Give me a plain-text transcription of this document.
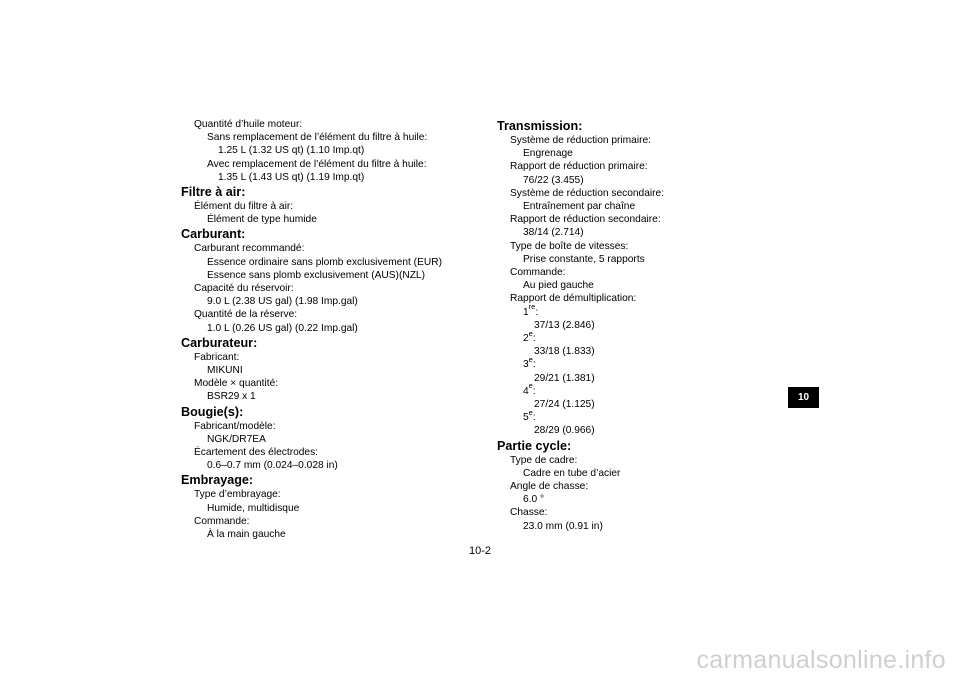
Quantité d’huile moteur:
Sans remplacement de l’élément du filtre à huile:
1.25 L (1.32 US qt) (1.10 Imp.qt)
Avec remplacement de l’élément du filtre à huile:
1.35 L (1.43 US qt) (1.19 Imp.qt)
Filtre à air:
Élément du filtre à air:
Élément de type humide
Carburant:
Carburant recommandé:
Essence ordinaire sans plomb exclusivement (EUR)
Essence sans plomb exclusivement (AUS)(NZL)
Capacité du réservoir:
9.0 L (2.38 US gal) (1.98 Imp.gal)
Quantité de la réserve:
1.0 L (0.26 US gal) (0.22 Imp.gal)
Carburateur:
Fabricant:
MIKUNI
Modèle × quantité:
BSR29 x 1
Bougie(s):
Fabricant/modèle:
NGK/DR7EA
Écartement des électrodes:
0.6–0.7 mm (0.024–0.028 in)
Embrayage:
Type d’embrayage:
Humide, multidisque
Commande:
À la main gauche
Transmission:
Système de réduction primaire:
Engrenage
Rapport de réduction primaire:
76/22 (3.455)
Système de réduction secondaire:
Entraînement par chaîne
Rapport de réduction secondaire:
38/14 (2.714)
Type de boîte de vitesses:
Prise constante, 5 rapports
Commande:
Au pied gauche
Rapport de démultiplication:
1re:
37/13 (2.846)
2e:
33/18 (1.833)
3e:
29/21 (1.381)
4e:
27/24 (1.125)
5e:
28/29 (0.966)
Partie cycle:
Type de cadre:
Cadre en tube d’acier
Angle de chasse:
6.0 °
Chasse:
23.0 mm (0.91 in)
10
10-2
carmanualsonline.info
